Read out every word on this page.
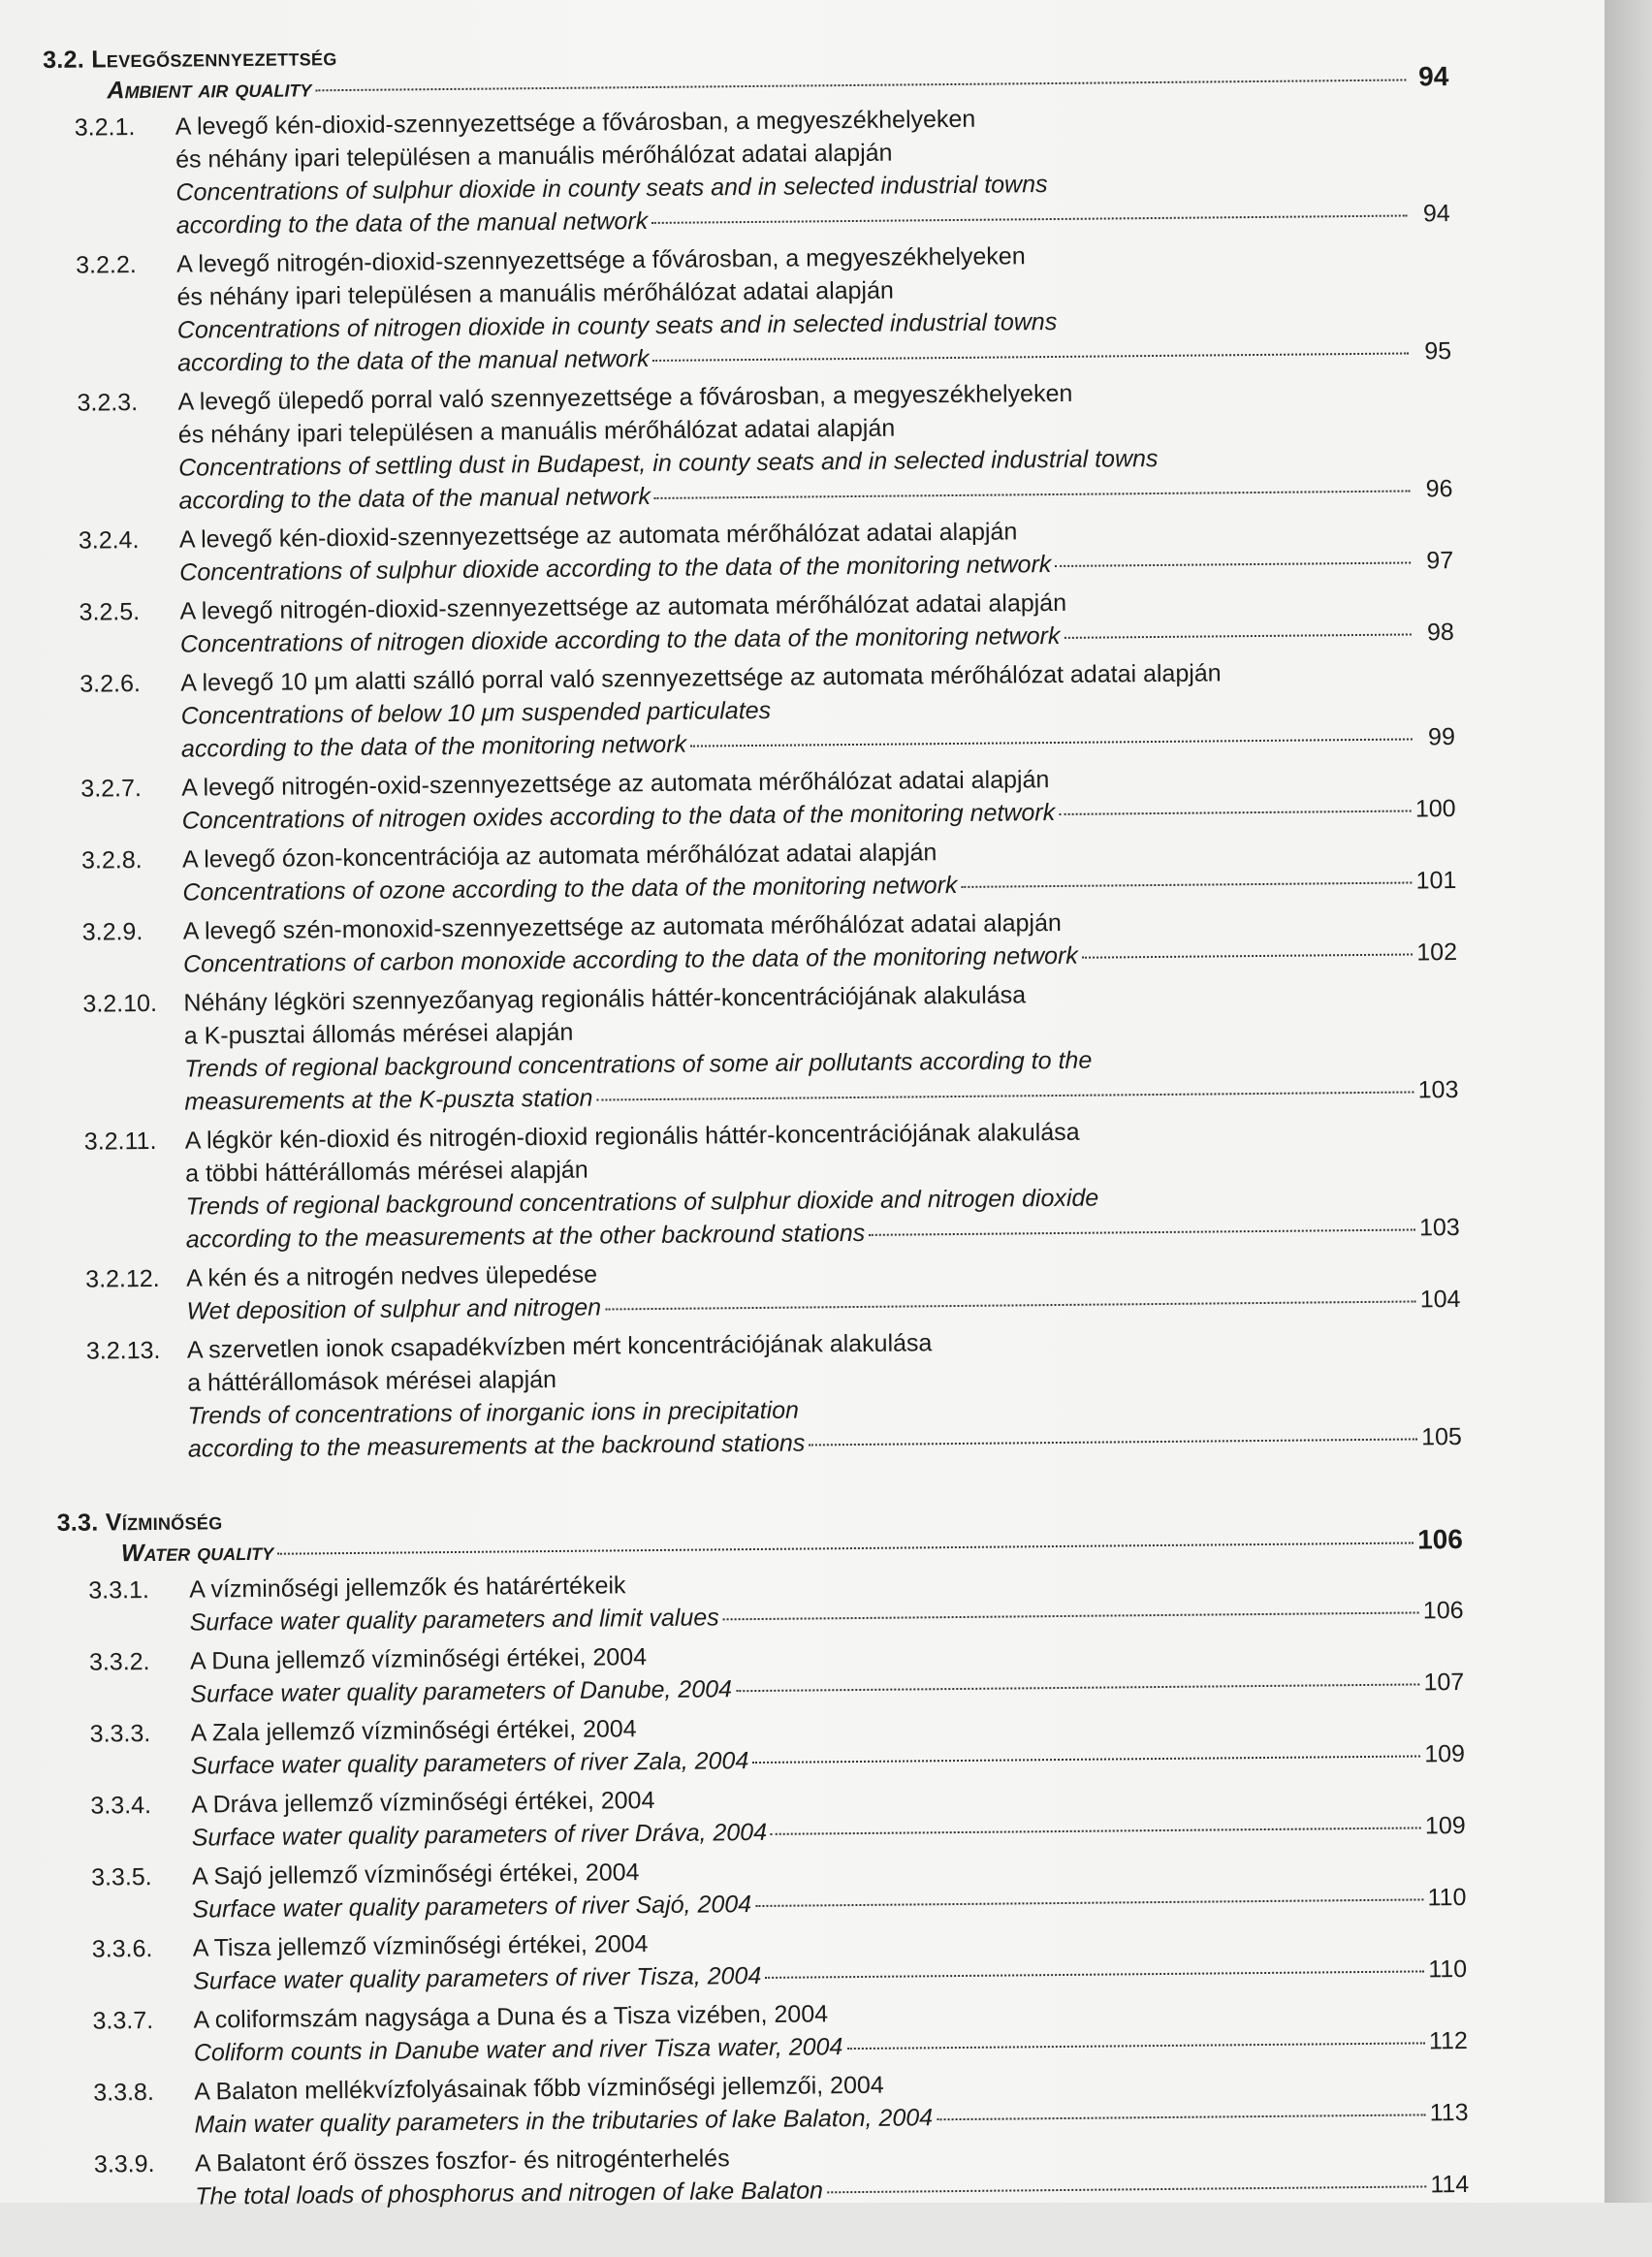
3.2. Levegőszennyezettség
Ambient air quality	94
3.2.1.	A levegő kén-dioxid-szennyezettsége a fővárosban, a megyeszékhelyeken
és néhány ipari településen a manuális mérőhálózat adatai alapján
Concentrations of sulphur dioxide in county seats and in selected industrial towns
according to the data of the manual network	94
3.2.2.	A levegő nitrogén-dioxid-szennyezettsége a fővárosban, a megyeszékhelyeken
és néhány ipari településen a manuális mérőhálózat adatai alapján
Concentrations of nitrogen dioxide in county seats and in selected industrial towns
according to the data of the manual network	95
3.2.3.	A levegő ülepedő porral való szennyezettsége a fővárosban, a megyeszékhelyeken
és néhány ipari településen a manuális mérőhálózat adatai alapján
Concentrations of settling dust in Budapest, in county seats and in selected industrial towns
according to the data of the manual network	96
3.2.4.	A levegő kén-dioxid-szennyezettsége az automata mérőhálózat adatai alapján
Concentrations of sulphur dioxide according to the data of the monitoring network	97
3.2.5.	A levegő nitrogén-dioxid-szennyezettsége az automata mérőhálózat adatai alapján
Concentrations of nitrogen dioxide according to the data of the monitoring network	98
3.2.6.	A levegő 10 μm alatti szálló porral való szennyezettsége az automata mérőhálózat adatai alapján
Concentrations of below 10 μm suspended particulates
according to the data of the monitoring network	99
3.2.7.	A levegő nitrogén-oxid-szennyezettsége az automata mérőhálózat adatai alapján
Concentrations of nitrogen oxides according to the data of the monitoring network	100
3.2.8.	A levegő ózon-koncentrációja az automata mérőhálózat adatai alapján
Concentrations of ozone according to the data of the monitoring network	101
3.2.9.	A levegő szén-monoxid-szennyezettsége az automata mérőhálózat adatai alapján
Concentrations of carbon monoxide according to the data of the monitoring network	102
3.2.10.	Néhány légköri szennyezőanyag regionális háttér-koncentrációjának alakulása
a K-pusztai állomás mérései alapján
Trends of regional background concentrations of some air pollutants according to the
measurements at the K-puszta station	103
3.2.11.	A légkör kén-dioxid és nitrogén-dioxid regionális háttér-koncentrációjának alakulása
a többi háttérállomás mérései alapján
Trends of regional background concentrations of sulphur dioxide and nitrogen dioxide
according to the measurements at the other backround stations	103
3.2.12.	A kén és a nitrogén nedves ülepedése
Wet deposition of sulphur and nitrogen	104
3.2.13.	A szervetlen ionok csapadékvízben mért koncentrációjának alakulása
a háttérállomások mérései alapján
Trends of concentrations of inorganic ions in precipitation
according to the measurements at the backround stations	105
3.3. Vízminőség
Water quality	106
3.3.1.	A vízminőségi jellemzők és határértékeik
Surface water quality parameters and limit values	106
3.3.2.	A Duna jellemző vízminőségi értékei, 2004
Surface water quality parameters of Danube, 2004	107
3.3.3.	A Zala jellemző vízminőségi értékei, 2004
Surface water quality parameters of river Zala, 2004	109
3.3.4.	A Dráva jellemző vízminőségi értékei, 2004
Surface water quality parameters of river Dráva, 2004	109
3.3.5.	A Sajó jellemző vízminőségi értékei, 2004
Surface water quality parameters of river Sajó, 2004	110
3.3.6.	A Tisza jellemző vízminőségi értékei, 2004
Surface water quality parameters of river Tisza, 2004	110
3.3.7.	A coliformszám nagysága a Duna és a Tisza vizében, 2004
Coliform counts in Danube water and river Tisza water, 2004	112
3.3.8.	A Balaton mellékvízfolyásainak főbb vízminőségi jellemzői, 2004
Main water quality parameters in the tributaries of lake Balaton, 2004	113
3.3.9.	A Balatont érő összes foszfor- és nitrogénterhelés
The total loads of phosphorus and nitrogen of lake Balaton	114
